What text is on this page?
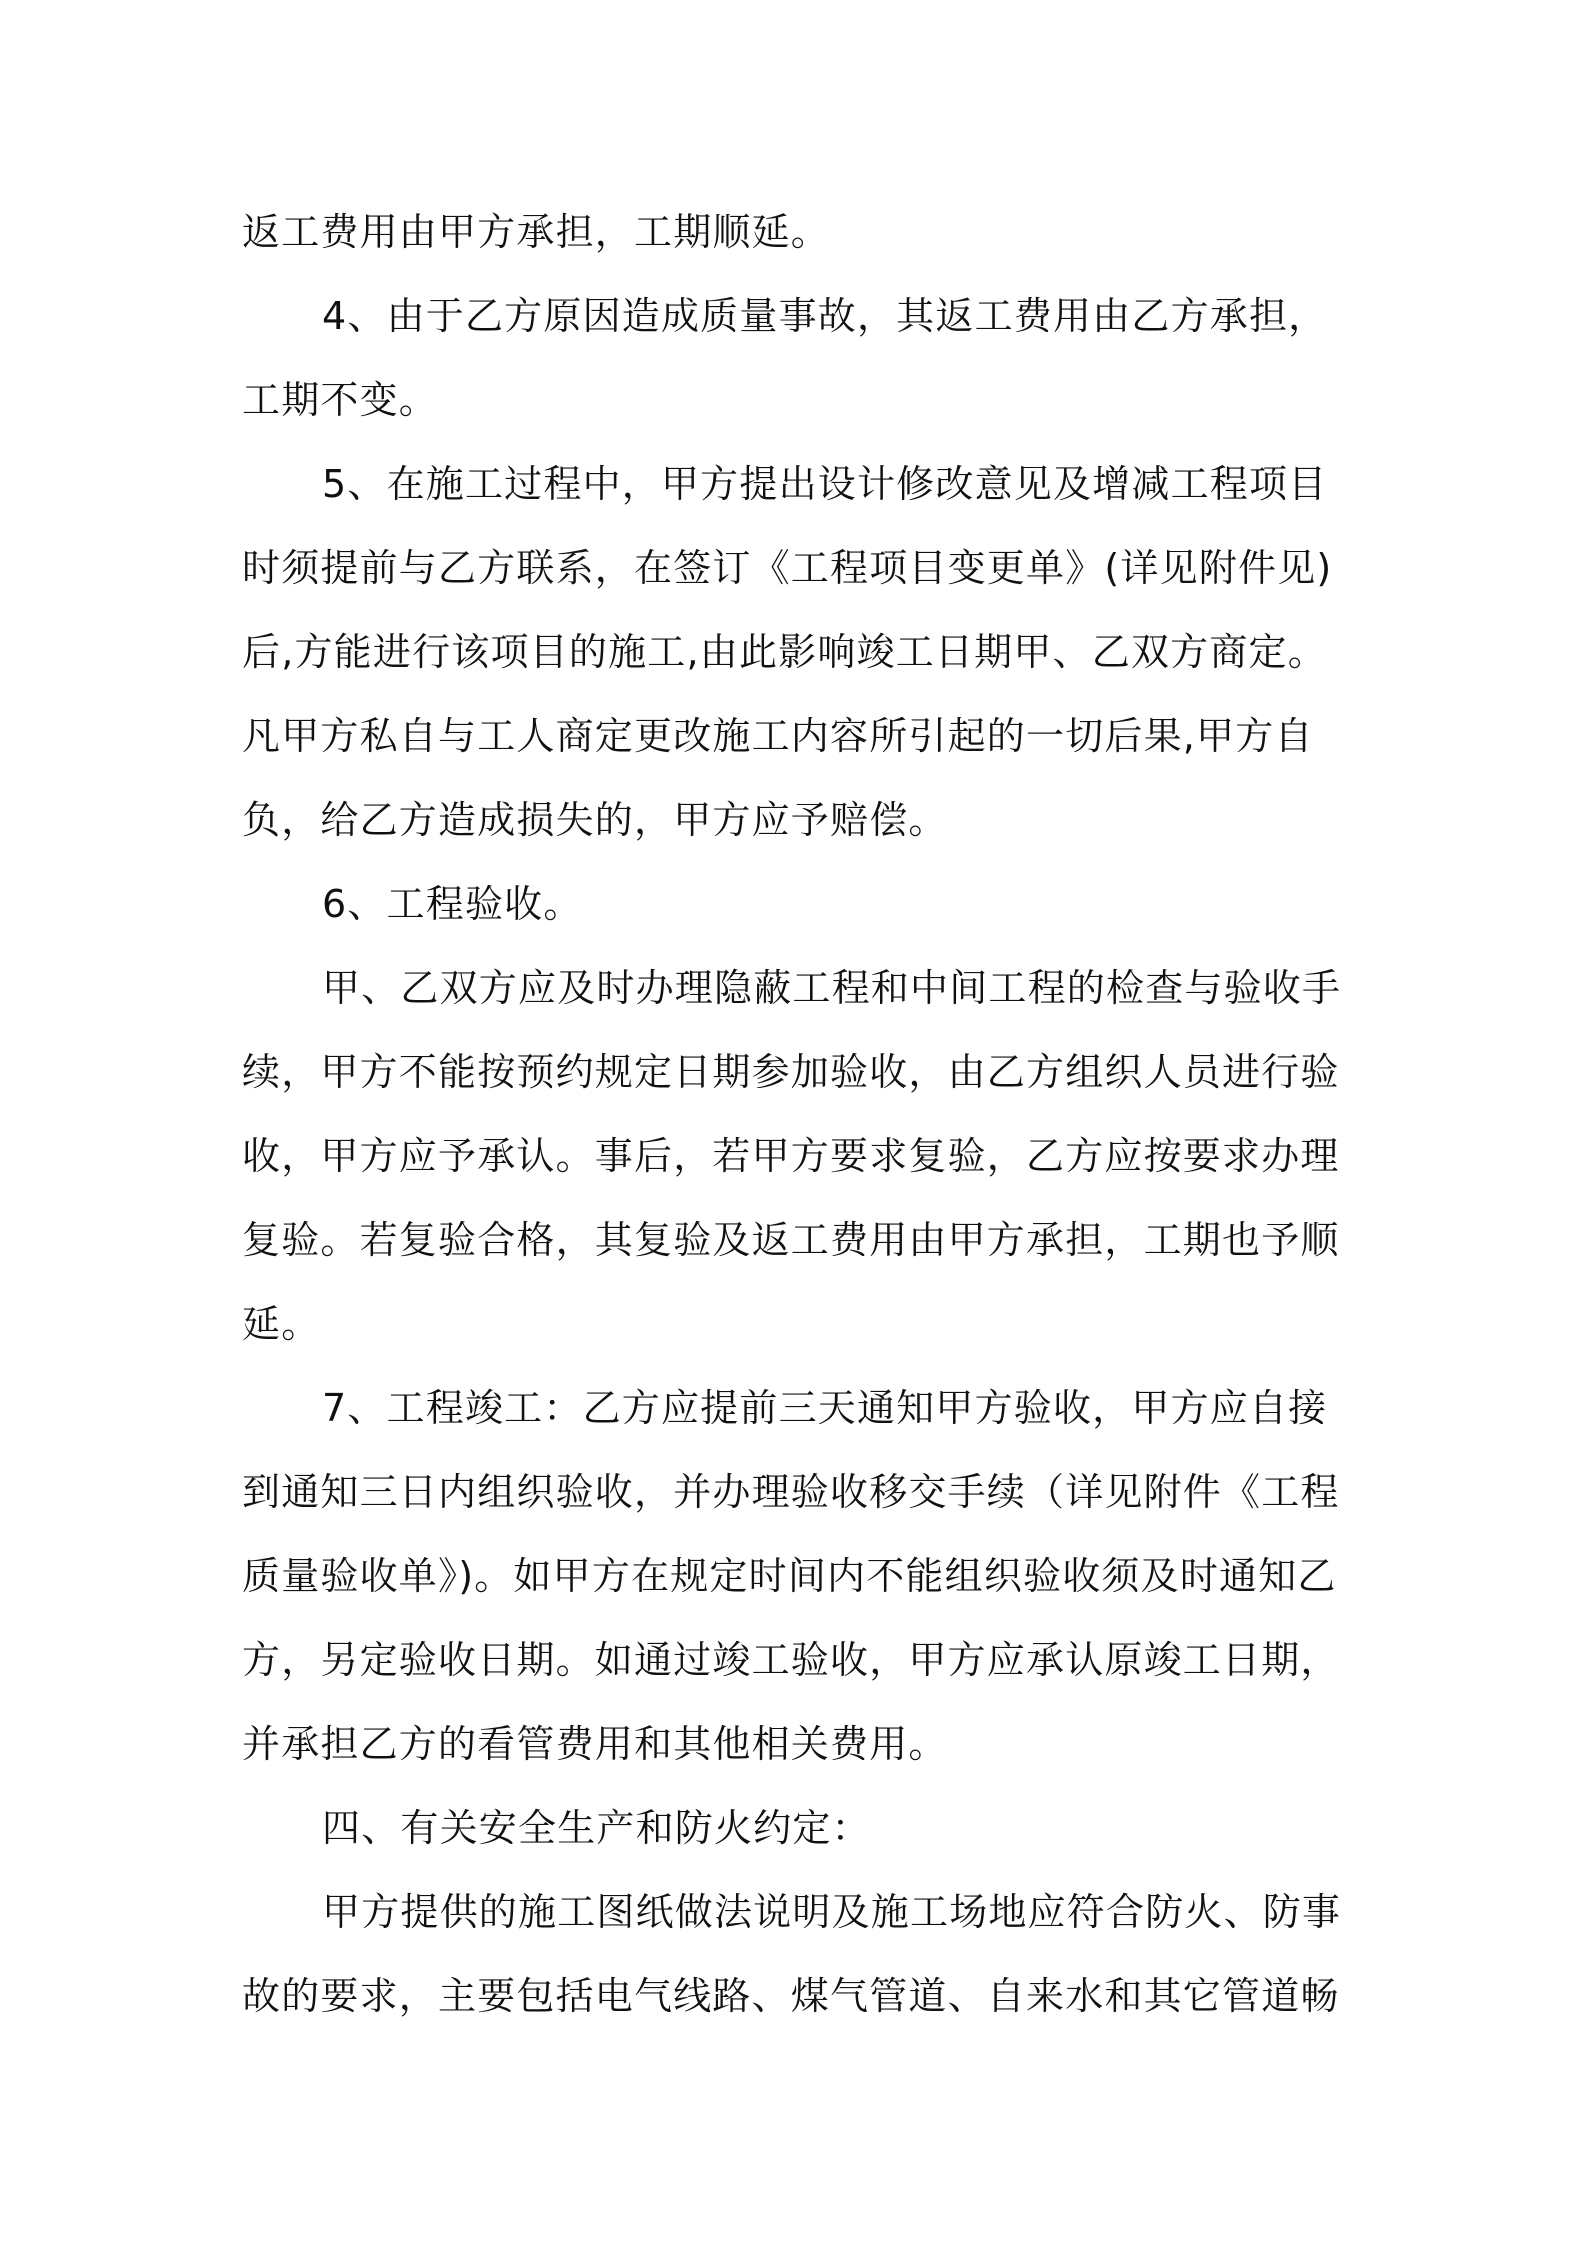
返工费用由甲方承担，工期顺延。
4、由于乙方原因造成质量事故，其返工费用由乙方承担，
工期不变。
5、在施工过程中，甲方提出设计修改意见及增减工程项目
时须提前与乙方联系，在签订《工程项目变更单》(详见附件见)
后,方能进行该项目的施工,由此影响竣工日期甲、乙双方商定。
凡甲方私自与工人商定更改施工内容所引起的一切后果,甲方自
负，给乙方造成损失的，甲方应予赔偿。
6、工程验收。
甲、乙双方应及时办理隐蔽工程和中间工程的检查与验收手
续，甲方不能按预约规定日期参加验收，由乙方组织人员进行验
收，甲方应予承认。事后，若甲方要求复验，乙方应按要求办理
复验。若复验合格，其复验及返工费用由甲方承担，工期也予顺
延。
7、工程竣工：乙方应提前三天通知甲方验收，甲方应自接
到通知三日内组织验收，并办理验收移交手续（详见附件《工程
质量验收单》)。如甲方在规定时间内不能组织验收须及时通知乙
方，另定验收日期。如通过竣工验收，甲方应承认原竣工日期，
并承担乙方的看管费用和其他相关费用。
四、有关安全生产和防火约定：
甲方提供的施工图纸做法说明及施工场地应符合防火、防事
故的要求，主要包括电气线路、煤气管道、自来水和其它管道畅
